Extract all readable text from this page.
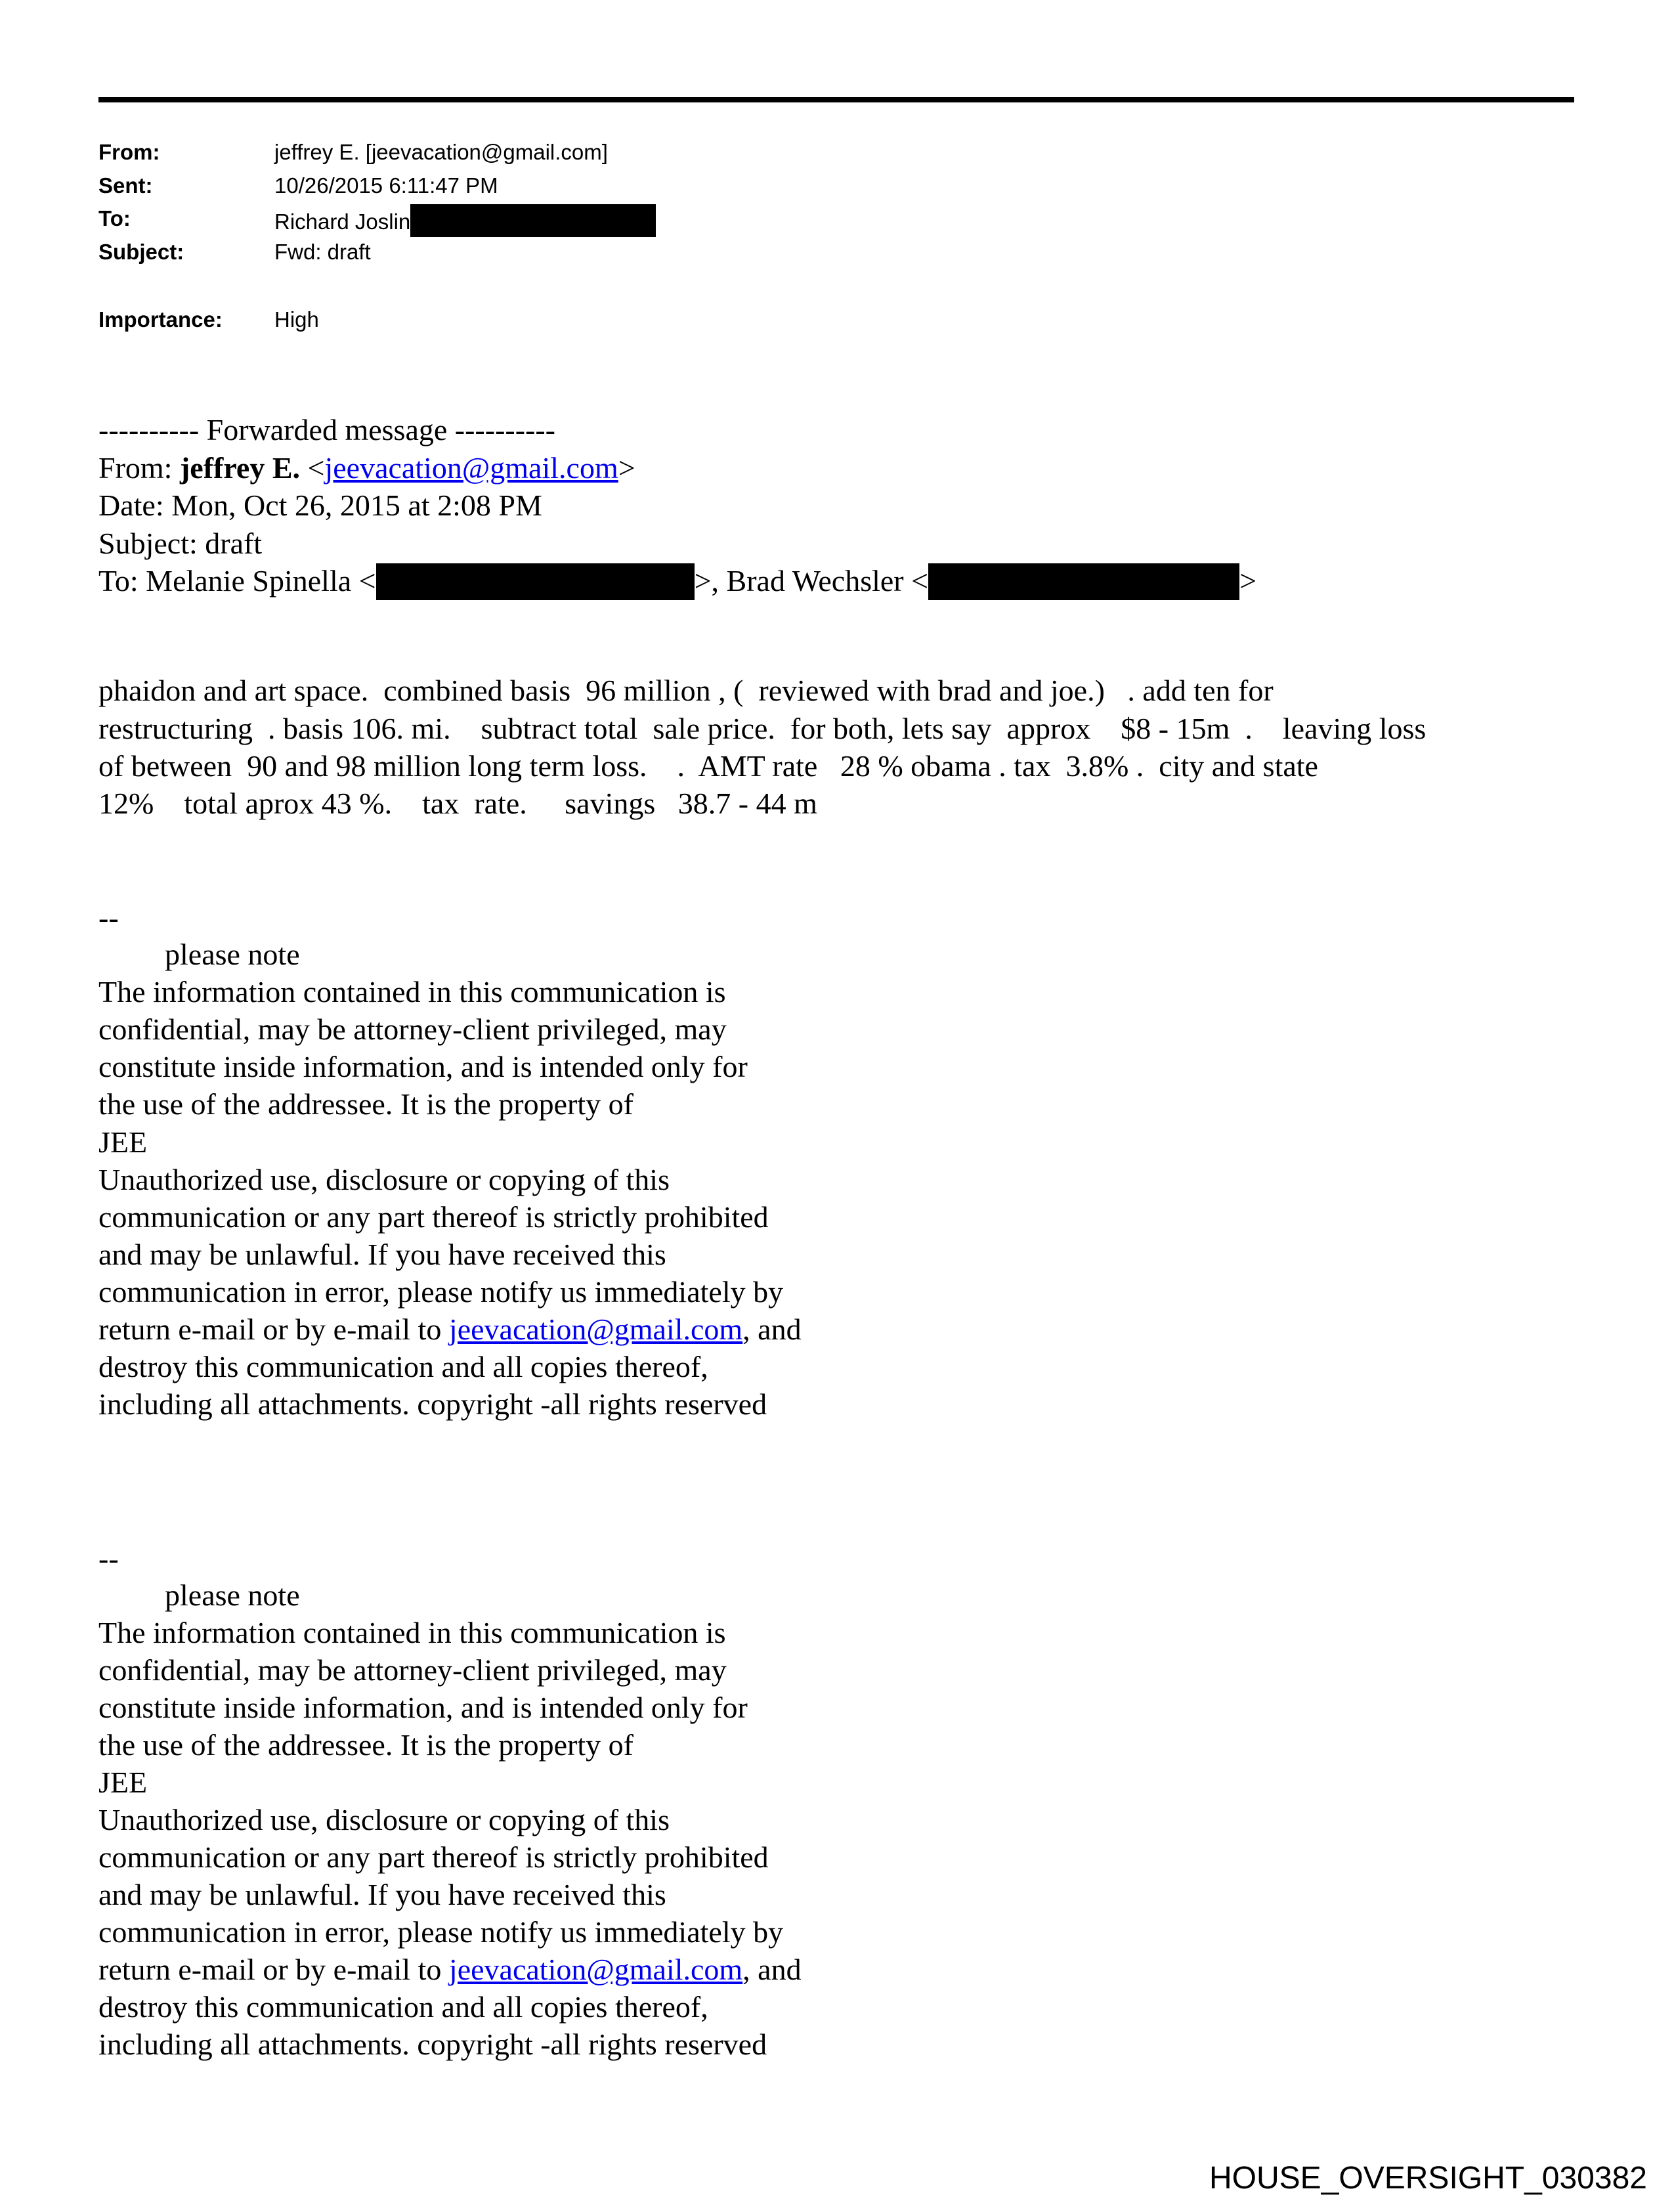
From:	jeffrey E. [jeevacation@gmail.com]
Sent:	10/26/2015 6:11:47 PM
To:	Richard Joslin
Subject:	Fwd: draft
Importance: High
---------- Forwarded message ----------
From: jeffrey E. <jeevacation@gmail.com>
Date: Mon, Oct 26, 2015 at 2:08 PM
Subject: draft
To: Melanie Spinella <	>, Brad Wechsler <	>
phaidon and art space.  combined basis  96 million , (  reviewed with brad and joe.)   . add ten for
restructuring  . basis 106. mi.    subtract total  sale price.  for both, lets say  approx    $8 - 15m  .    leaving loss
of between  90 and 98 million long term loss.    .  AMT rate   28 % obama . tax  3.8% .  city and state
12%    total aprox 43 %.    tax  rate.     savings   38.7 - 44 m
--
please note
The information contained in this communication is
confidential, may be attorney-client privileged, may
constitute inside information, and is intended only for
the use of the addressee. It is the property of
JEE
Unauthorized use, disclosure or copying of this
communication or any part thereof is strictly prohibited
and may be unlawful. If you have received this
communication in error, please notify us immediately by
return e-mail or by e-mail to jeevacation@gmail.com, and
destroy this communication and all copies thereof,
including all attachments. copyright -all rights reserved
--
please note
The information contained in this communication is
confidential, may be attorney-client privileged, may
constitute inside information, and is intended only for
the use of the addressee. It is the property of
JEE
Unauthorized use, disclosure or copying of this
communication or any part thereof is strictly prohibited
and may be unlawful. If you have received this
communication in error, please notify us immediately by
return e-mail or by e-mail to jeevacation@gmail.com, and
destroy this communication and all copies thereof,
including all attachments. copyright -all rights reserved
HOUSE_OVERSIGHT_030382
